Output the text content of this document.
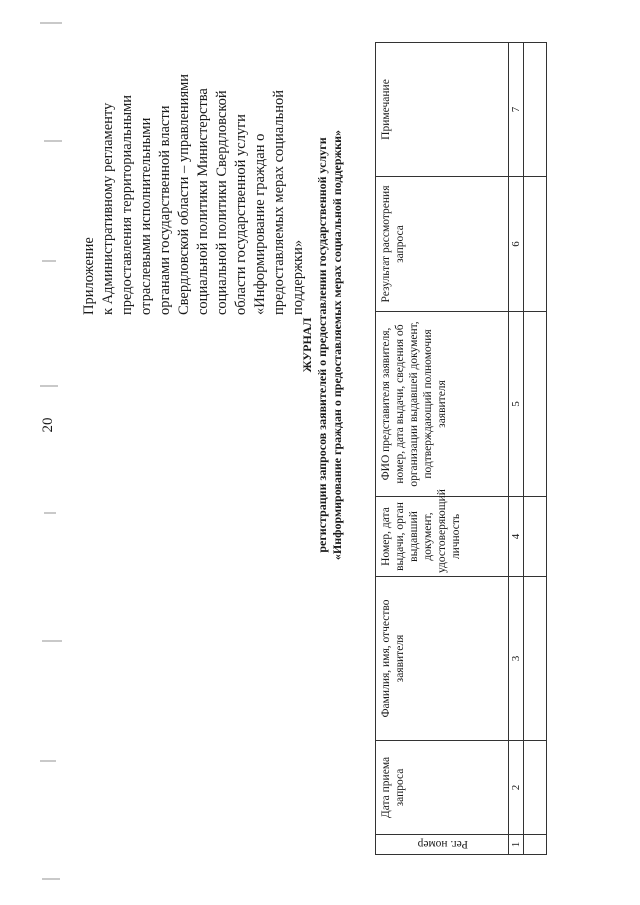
20
Приложение
к Административному регламенту
предоставления территориальными
отраслевыми исполнительными
органами государственной власти
Свердловской области – управлениями
социальной политики Министерства
социальной политики Свердловской
области государственной услуги
«Информирование граждан о
предоставляемых мерах социальной
поддержки»
ЖУРНАЛ регистрации запросов заявителей о предоставлении государственной услуги «Информирование граждан о предоставляемых мерах социальной поддержки»
Рег. номер	Дата приема запроса	Фамилия, имя, отчество заявителя	Номер, дата выдачи, орган выдавший документ, удостоверяющий личность	ФИО представителя заявителя, номер, дата выдачи, сведения об организации выдавшей документ, подтверждающий полномочия заявителя	Результат рассмотрения запроса	Примечание
1	2	3	4	5	6	7
